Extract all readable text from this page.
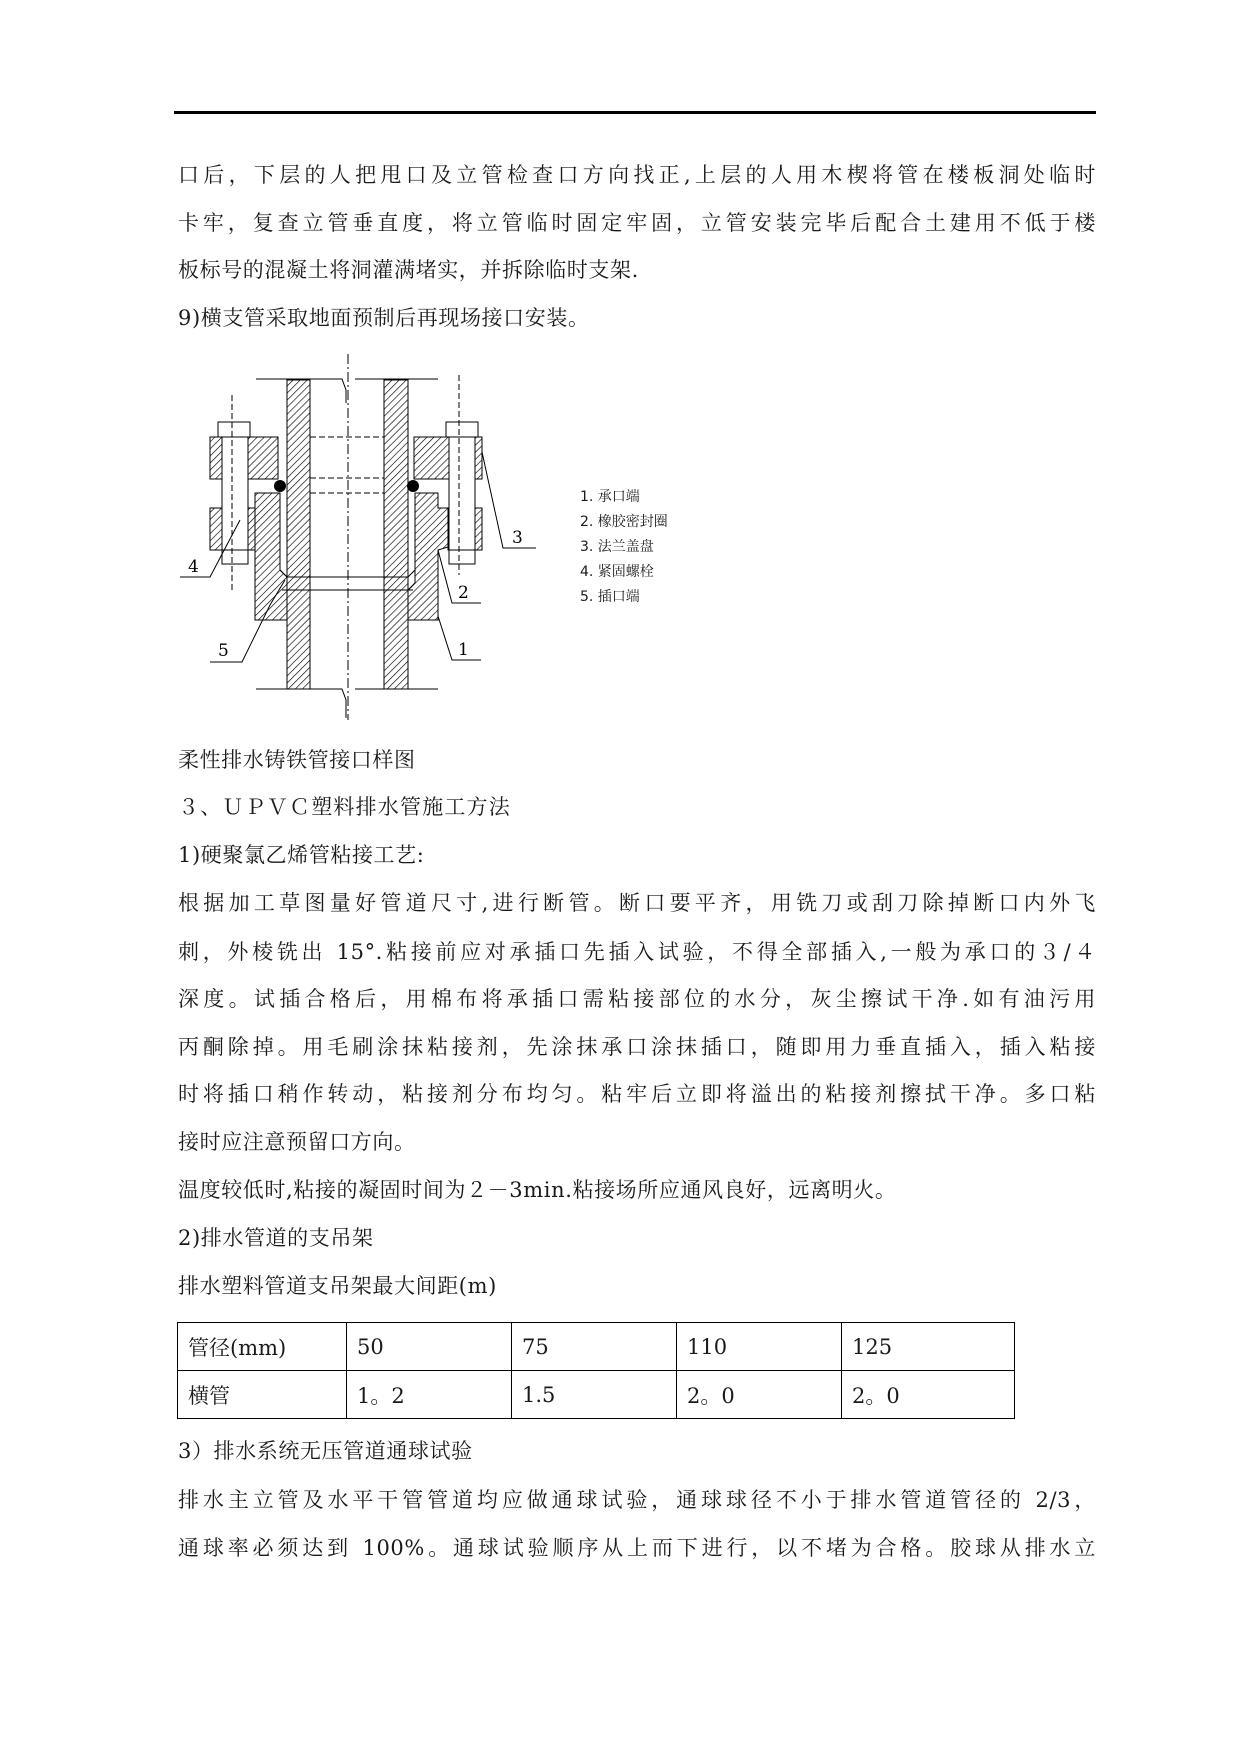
口后，下层的人把甩口及立管检查口方向找正,上层的人用木楔将管在楼板洞处临时
卡牢，复查立管垂直度，将立管临时固定牢固，立管安装完毕后配合土建用不低于楼
板标号的混凝土将洞灌满堵实，并拆除临时支架.
9)横支管采取地面预制后再现场接口安装。
4
5
3
2
1
1. 承口端
2. 橡胶密封圈
3. 法兰盖盘
4. 紧固螺栓
5. 插口端
柔性排水铸铁管接口样图
３、ＵＰＶＣ塑料排水管施工方法
1)硬聚氯乙烯管粘接工艺:
根据加工草图量好管道尺寸,进行断管。断口要平齐，用铣刀或刮刀除掉断口内外飞
刺，外棱铣出 15°.粘接前应对承插口先插入试验，不得全部插入,一般为承口的３/４
深度。试插合格后，用棉布将承插口需粘接部位的水分，灰尘擦试干净.如有油污用
丙酮除掉。用毛刷涂抹粘接剂，先涂抹承口涂抹插口，随即用力垂直插入，插入粘接
时将插口稍作转动，粘接剂分布均匀。粘牢后立即将溢出的粘接剂擦拭干净。多口粘
接时应注意预留口方向。
温度较低时,粘接的凝固时间为２－3min.粘接场所应通风良好，远离明火。
2)排水管道的支吊架
排水塑料管道支吊架最大间距(m)
管径(mm)	50	75	110	125
横管	1。2	1.5	2。0	2。0
3）排水系统无压管道通球试验
排水主立管及水平干管管道均应做通球试验，通球球径不小于排水管道管径的 2/3，
通球率必须达到 100%。通球试验顺序从上而下进行，以不堵为合格。胶球从排水立
